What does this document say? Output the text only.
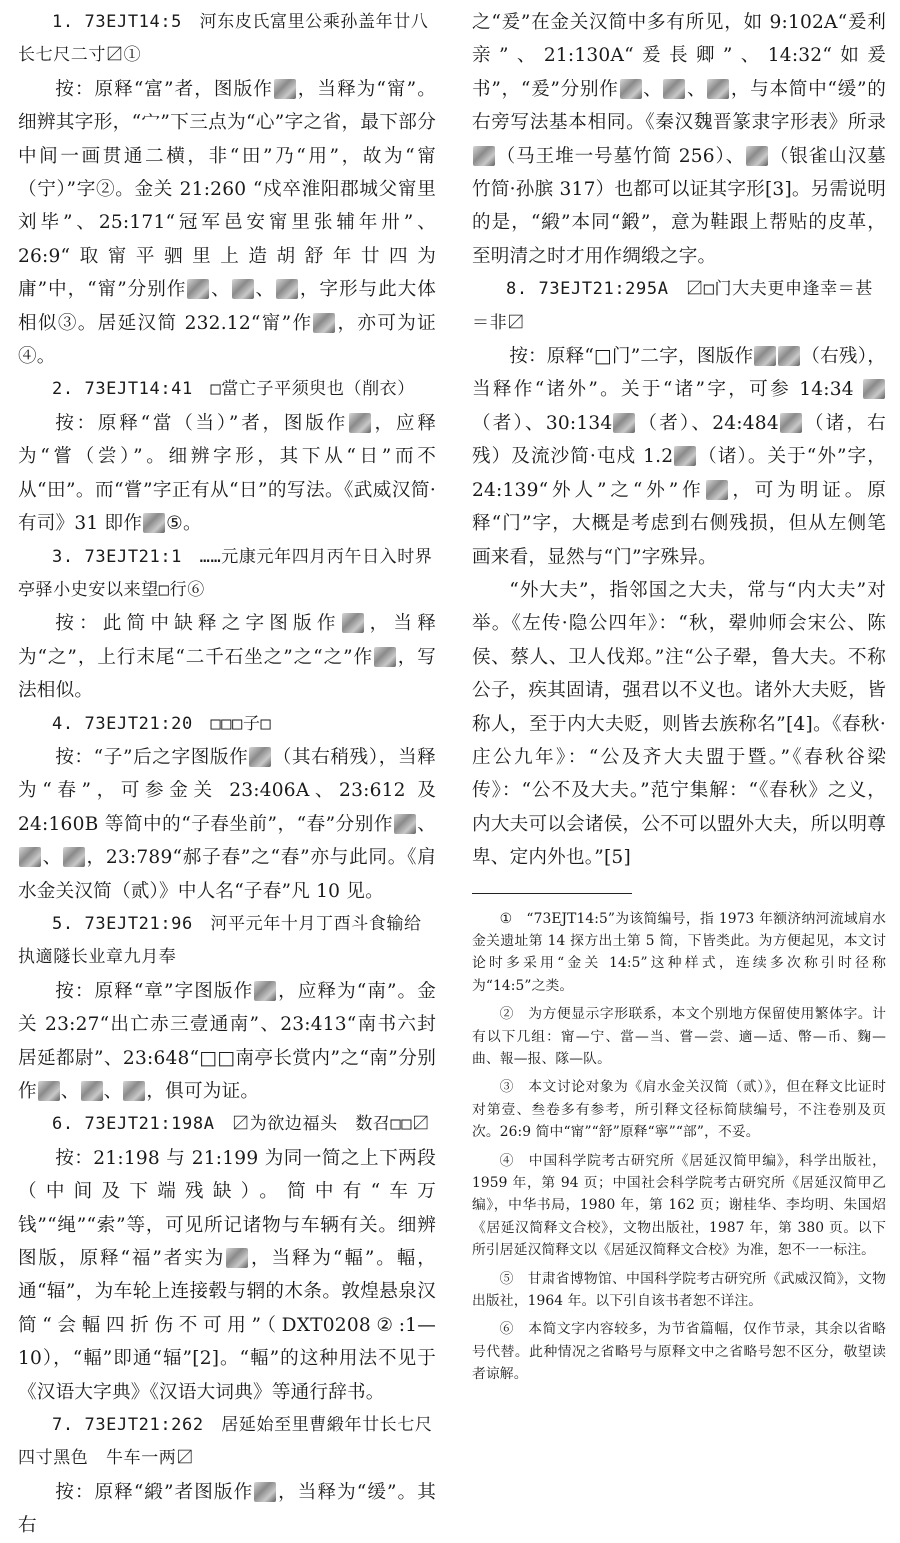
1. 73EJT14:5　河东皮氏富里公乘孙盖年廿八　长七尺二寸〼①

按：原释“富”者，图版作 ，当释为“甯”。细辨其字形，“宀”下三点为“心”字之省，最下部分中间一画贯通二横，非“田”乃“用”，故为“甯（宁）”字②。金关 21:260 “戍卒淮阳郡城父甯里刘毕”、25:171“冠军邑安甯里张辅年卅”、26:9“取甯平驷里上造胡舒年廿四为庸”中，“甯”分别作 、 、 ，字形与此大体相似③。居延汉简 232.12“甯”作 ，亦可为证④。

2. 73EJT14:41　□當亡子平须臾也（削衣）

按：原释“當（当）”者，图版作 ，应释为“嘗（尝）”。细辨字形，其下从“日”而不从“田”。而“嘗”字正有从“日”的写法。《武威汉简·有司》31 即作 ⑤。

3. 73EJT21:1　……元康元年四月丙午日入时界亭驿小史安以来望□行⑥

按：此简中缺释之字图版作 ，当释为“之”，上行末尾“二千石坐之”之“之”作 ，写法相似。

4. 73EJT21:20　□□□子□

按：“子”后之字图版作 （其右稍残），当释为“春”，可参金关 23:406A、23:612 及 24:160B 等简中的“子春坐前”，“春”分别作 、、 ，23:789“郝子春”之“春”亦与此同。《肩水金关汉简（贰）》中人名“子春”凡 10 见。

5. 73EJT21:96　河平元年十月丁酉斗食输给执適隧长业章九月奉

按：原释“章”字图版作 ，应释为“南”。金关 23:27“出亡赤三壹通南”、23:413“南书六封居延都尉”、23:648“□□南亭长赏内”之“南”分别作 、 、 ，俱可为证。

6. 73EJT21:198A　〼为欲边福头　数召□□〼

按：21:198 与 21:199 为同一简之上下两段（中间及下端残缺）。简中有“车万钱”“绳”“索”等，可见所记诸物与车辆有关。细辨图版，原释“福”者实为 ，当释为“輻”。輻，通“辐”，为车轮上连接毂与辋的木条。敦煌悬泉汉简“会輻四折伤不可用”（DXT0208②:1—10），“輻”即通“辐”[2]。“輻”的这种用法不见于《汉语大字典》《汉语大词典》等通行辞书。

7. 73EJT21:262　居延始至里曹緞年廿长七尺四寸黑色　牛车一两〼

按：原释“緞”者图版作 ，当释为“缓”。其右

之“爰”在金关汉简中多有所见，如 9:102A“爰利亲”、21:130A“爰長卿”、14:32“如爰书”，“爰”分别作 、 、 ，与本简中“缓”的右旁写法基本相同。《秦汉魏晋篆隶字形表》所录（马王堆一号墓竹简 256）、 （银雀山汉墓竹简·孙膑 317）也都可以证其字形[3]。另需说明的是，“緞”本同“鍛”，意为鞋跟上帮贴的皮革，至明清之时才用作绸缎之字。

8. 73EJT21:295A　〼□门大夫更申逢幸＝甚＝非〼

按：原释“□门”二字，图版作	（右残），当释作“诸外”。关于“诸”字，可参 14:34 （者）、30:134 （者）、24:484 （诸，右残）及流沙简·屯戍 1.2 （诸）。关于“外”字，24:139“外人”之“外”作 ，可为明证。原释“门”字，大概是考虑到右侧残损，但从左侧笔画来看，显然与“门”字殊异。

“外大夫”，指邻国之大夫，常与“内大夫”对举。《左传·隐公四年》：“秋，翚帅师会宋公、陈侯、蔡人、卫人伐郑。”注“公子翚，鲁大夫。不称公子，疾其固请，强君以不义也。诸外大夫贬，皆称人，至于内大夫贬，则皆去族称名”[4]。《春秋·庄公九年》：“公及齐大夫盟于暨。”《春秋谷梁传》：“公不及大夫。”范宁集解：“《春秋》之义，内大夫可以会诸侯，公不可以盟外大夫，所以明尊卑、定内外也。”[5]

①　“73EJT14:5”为该简编号，指 1973 年额济纳河流域肩水金关遗址第 14 探方出土第 5 简，下皆类此。为方便起见，本文讨论时多采用“金关 14:5”这种样式，连续多次称引时径称为“14:5”之类。

②　为方便显示字形联系，本文个别地方保留使用繁体字。计有以下几组：甯—宁、當—当、嘗—尝、適—适、幣—币、麴—曲、報—报、隊—队。

③　本文讨论对象为《肩水金关汉简（贰）》，但在释文比证时对第壹、叁卷多有参考，所引释文径标简牍编号，不注卷别及页次。26:9 简中“甯”“舒”原释“寧”“部”，不妥。

④　中国科学院考古研究所《居延汉简甲编》，科学出版社，1959 年，第 94 页；中国社会科学院考古研究所《居延汉简甲乙编》，中华书局，1980 年，第 162 页；谢桂华、李均明、朱国炤《居延汉简释文合校》，文物出版社，1987 年，第 380 页。以下所引居延汉简释文以《居延汉简释文合校》为准，恕不一一标注。

⑤　甘肃省博物馆、中国科学院考古研究所《武威汉简》，文物出版社，1964 年。以下引自该书者恕不详注。

⑥　本简文字内容较多，为节省篇幅，仅作节录，其余以省略号代替。此种情况之省略号与原释文中之省略号恕不区分，敬望读者谅解。
